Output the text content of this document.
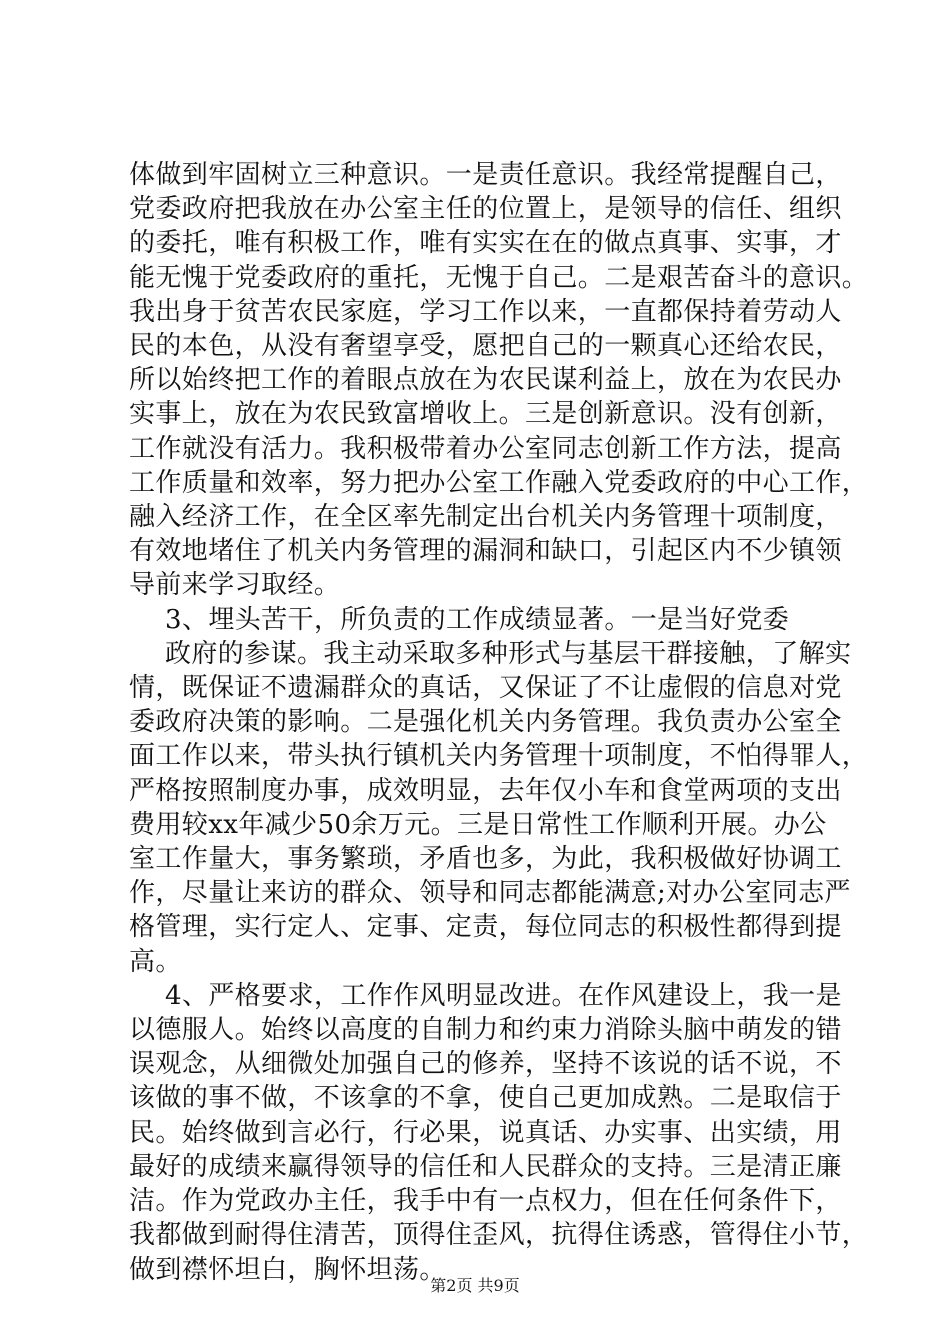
体做到牢固树立三种意识。一是责任意识。我经常提醒自己，
党委政府把我放在办公室主任的位置上，是领导的信任、组织
的委托，唯有积极工作，唯有实实在在的做点真事、实事，才
能无愧于党委政府的重托，无愧于自己。二是艰苦奋斗的意识。
我出身于贫苦农民家庭，学习工作以来，一直都保持着劳动人
民的本色，从没有奢望享受，愿把自己的一颗真心还给农民，
所以始终把工作的着眼点放在为农民谋利益上，放在为农民办
实事上，放在为农民致富增收上。三是创新意识。没有创新，
工作就没有活力。我积极带着办公室同志创新工作方法，提高
工作质量和效率，努力把办公室工作融入党委政府的中心工作，
融入经济工作，在全区率先制定出台机关内务管理十项制度，
有效地堵住了机关内务管理的漏洞和缺口，引起区内不少镇领
导前来学习取经。
3、埋头苦干，所负责的工作成绩显著。一是当好党委
政府的参谋。我主动采取多种形式与基层干群接触，了解实
情，既保证不遗漏群众的真话，又保证了不让虚假的信息对党
委政府决策的影响。二是强化机关内务管理。我负责办公室全
面工作以来，带头执行镇机关内务管理十项制度，不怕得罪人，
严格按照制度办事，成效明显，去年仅小车和食堂两项的支出
费用较xx年减少50余万元。三是日常性工作顺利开展。办公
室工作量大，事务繁琐，矛盾也多，为此，我积极做好协调工
作，尽量让来访的群众、领导和同志都能满意;对办公室同志严
格管理，实行定人、定事、定责，每位同志的积极性都得到提
高。
4、严格要求，工作作风明显改进。在作风建设上，我一是
以德服人。始终以高度的自制力和约束力消除头脑中萌发的错
误观念，从细微处加强自己的修养，坚持不该说的话不说，不
该做的事不做，不该拿的不拿，使自己更加成熟。二是取信于
民。始终做到言必行，行必果，说真话、办实事、出实绩，用
最好的成绩来赢得领导的信任和人民群众的支持。三是清正廉
洁。作为党政办主任，我手中有一点权力，但在任何条件下，
我都做到耐得住清苦，顶得住歪风，抗得住诱惑，管得住小节，
做到襟怀坦白，胸怀坦荡。
第2页 共9页
